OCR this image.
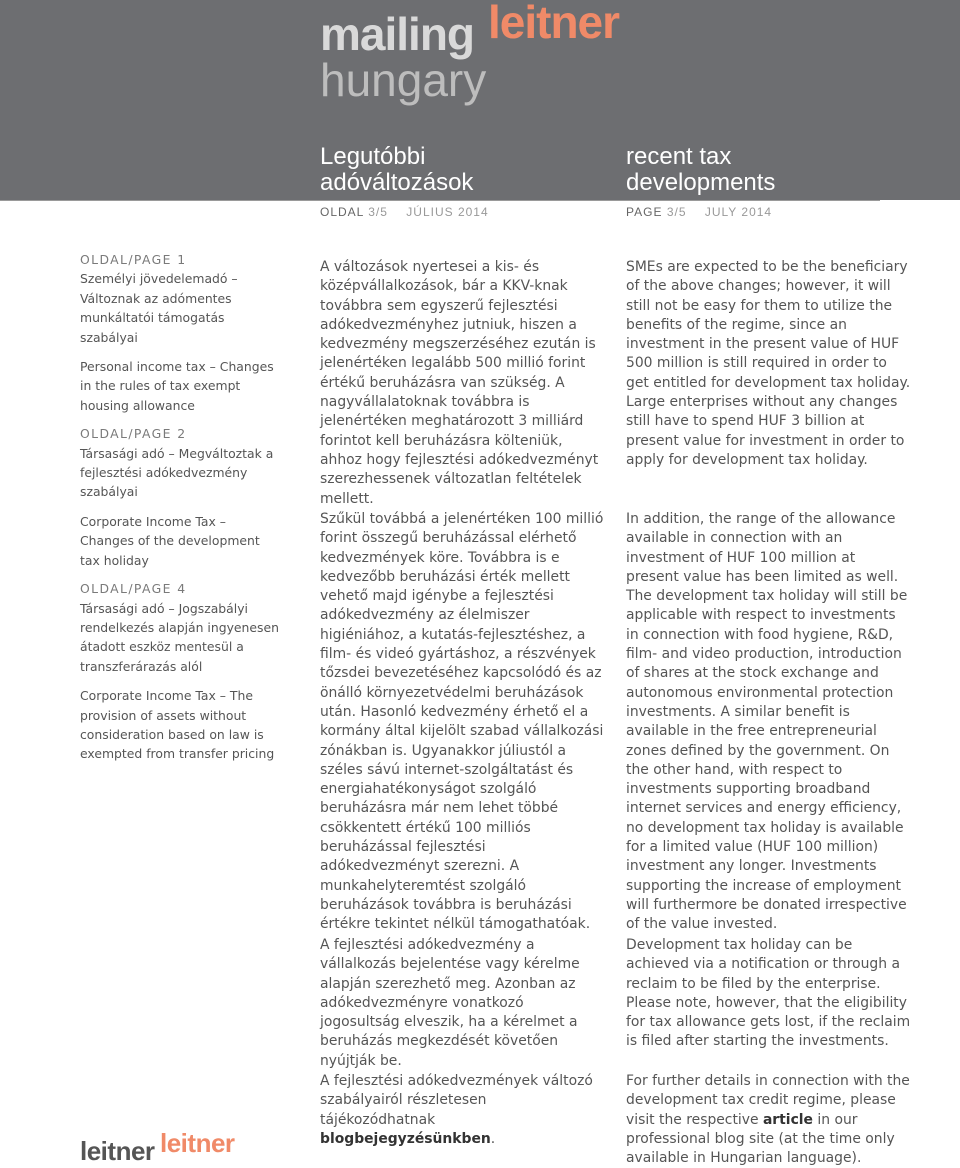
mailing leitner
hungary
Legutóbbi adóváltozások
recent tax developments
OLDAL 3/5 JÚLIUS 2014	PAGE 3/5 JULY 2014
OLDAL/PAGE 1
Személyi jövedelemadó – Változnak az adómentes munkáltatói támogatás szabályai
Personal income tax – Changes in the rules of tax exempt housing allowance
OLDAL/PAGE 2
Társasági adó – Megváltoztak a fejlesztési adókedvezmény szabályai
Corporate Income Tax – Changes of the development tax holiday
OLDAL/PAGE 4
Társasági adó – Jogszabályi rendelkezés alapján ingyenesen átadott eszköz mentesül a transzferárazás alól
Corporate Income Tax – The provision of assets without consideration based on law is exempted from transfer pricing

A változások nyertesei a kis- és középvállalkozások, bár a KKV-knak továbbra sem egyszerű fejlesztési adókedvezményhez jutniuk, hiszen a kedvezmény megszerzéséhez ezután is jelenértéken legalább 500 millió forint értékű beruházásra van szükség. A nagyvállalatoknak továbbra is jelenértéken meghatározott 3 milliárd forintot kell beruházásra költeniük, ahhoz hogy fejlesztési adókedvezményt szerezhessenek változatlan feltételek mellett.

Szűkül továbbá a jelenértéken 100 millió forint összegű beruházással elérhető kedvezmények köre. Továbbra is e kedvezőbb beruházási érték mellett vehető majd igénybe a fejlesztési adókedvezmény az élelmiszer higiéniához, a kutatás-fejlesztéshez, a film- és videó gyártáshoz, a részvények tőzsdei bevezetéséhez kapcsolódó és az önálló környezetvédelmi beruházások után. Hasonló kedvezmény érhető el a kormány által kijelölt szabad vállalkozási zónákban is. Ugyanakkor júliustól a széles sávú internet-szolgáltatást és energiahatékonyságot szolgáló beruházásra már nem lehet többé csökkentett értékű 100 milliós beruházással fejlesztési adókedvezményt szerezni. A munkahelyteremtést szolgáló beruházások továbbra is beruházási értékre tekintet nélkül támogathatóak.

A fejlesztési adókedvezmény a vállalkozás bejelentése vagy kérelme alapján szerezhető meg. Azonban az adókedvezményre vonatkozó jogosultság elveszik, ha a kérelmet a beruházás megkezdését követően nyújtják be.

A fejlesztési adókedvezmények változó szabályairól részletesen tájékozódhatnak blogbejegyzésünkben.

SMEs are expected to be the beneficiary of the above changes; however, it will still not be easy for them to utilize the benefits of the regime, since an investment in the present value of HUF 500 million is still required in order to get entitled for development tax holiday. Large enterprises without any changes still have to spend HUF 3 billion at present value for investment in order to apply for development tax holiday.

In addition, the range of the allowance available in connection with an investment of HUF 100 million at present value has been limited as well. The development tax holiday will still be applicable with respect to investments in connection with food hygiene, R&D, film- and video production, introduction of shares at the stock exchange and autonomous environmental protection investments. A similar benefit is available in the free entrepreneurial zones defined by the government. On the other hand, with respect to investments supporting broadband internet services and energy efficiency, no development tax holiday is available for a limited value (HUF 100 million) investment any longer. Investments supporting the increase of employment will furthermore be donated irrespective of the value invested.

Development tax holiday can be achieved via a notification or through a reclaim to be filed by the enterprise. Please note, however, that the eligibility for tax allowance gets lost, if the reclaim is filed after starting the investments.

For further details in connection with the development tax credit regime, please visit the respective article in our professional blog site (at the time only available in Hungarian language).

leitner leitner
